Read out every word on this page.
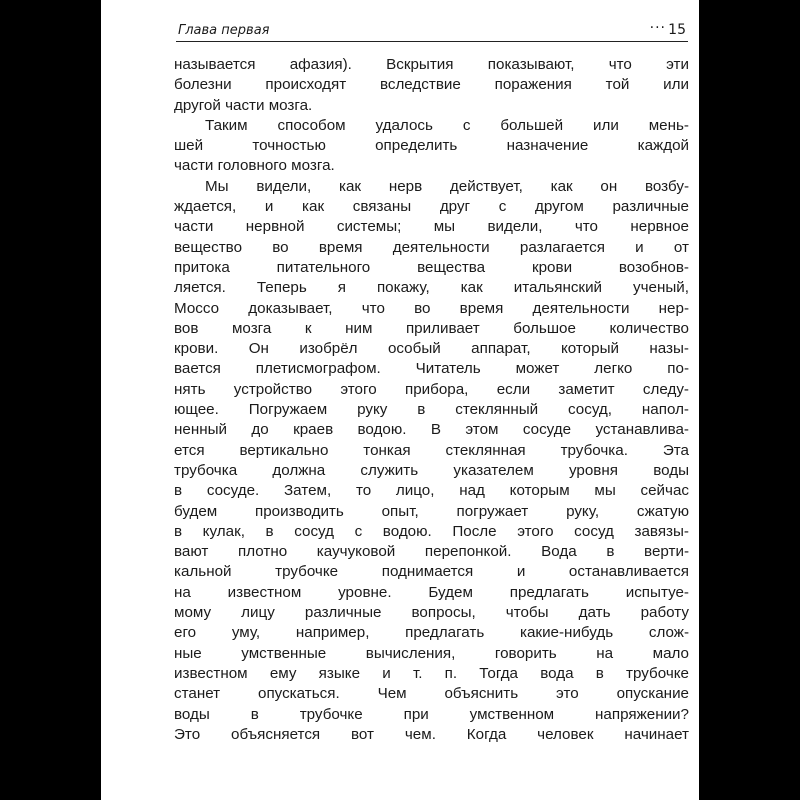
Глава первая	··· 15
называется афазия). Вскрытия показывают, что эти
болезни происходят вследствие поражения той или
другой части мозга.
Таким способом удалось с большей или мень-
шей точностью определить назначение каждой
части головного мозга.
Мы видели, как нерв действует, как он возбу-
ждается, и как связаны друг с другом различные
части нервной системы; мы видели, что нервное
вещество во время деятельности разлагается и от
притока питательного вещества крови возобнов-
ляется. Теперь я покажу, как итальянский ученый,
Моссо доказывает, что во время деятельности нер-
вов мозга к ним приливает большое количество
крови. Он изобрёл особый аппарат, который назы-
вается плетисмографом. Читатель может легко по-
нять устройство этого прибора, если заметит следу-
ющее. Погружаем руку в стеклянный сосуд, напол-
ненный до краев водою. В этом сосуде устанавлива-
ется вертикально тонкая стеклянная трубочка. Эта
трубочка должна служить указателем уровня воды
в сосуде. Затем, то лицо, над которым мы сейчас
будем производить опыт, погружает руку, сжатую
в кулак, в сосуд с водою. После этого сосуд завязы-
вают плотно каучуковой перепонкой. Вода в верти-
кальной трубочке поднимается и останавливается
на известном уровне. Будем предлагать испытуе-
мому лицу различные вопросы, чтобы дать работу
его уму, например, предлагать какие-нибудь слож-
ные умственные вычисления, говорить на мало
известном ему языке и т. п. Тогда вода в трубочке
станет опускаться. Чем объяснить это опускание
воды в трубочке при умственном напряжении?
Это объясняется вот чем. Когда человек начинает
